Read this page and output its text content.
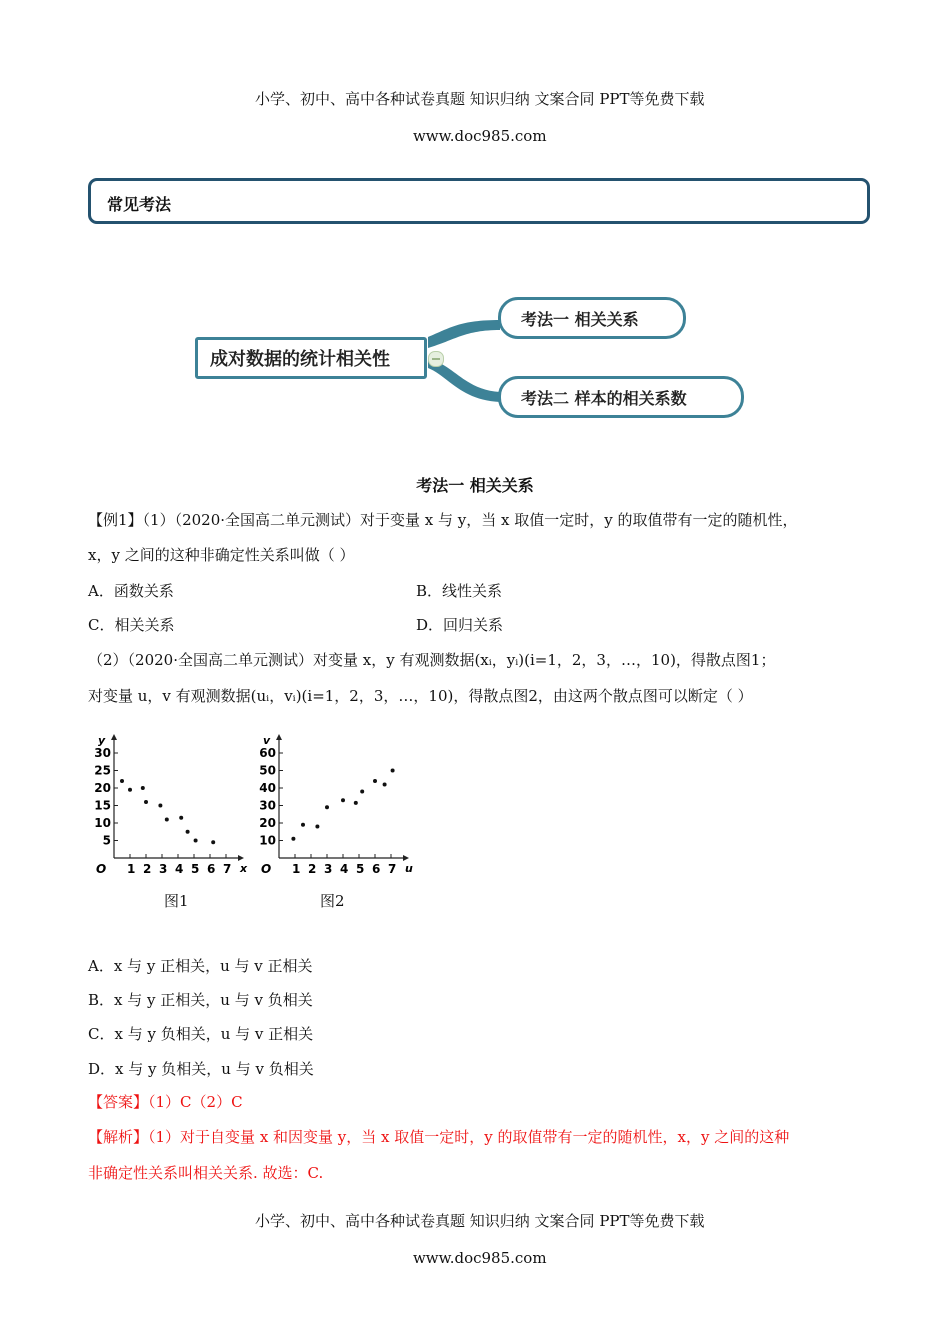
小学、初中、高中各种试卷真题 知识归纳 文案合同 PPT等免费下载

www.doc985.com

常见考法
成对数据的统计相关性
考法一 相关关系
考法二 样本的相关系数
考法一 相关关系
【例1】（1）（2020·全国高二单元测试）对于变量 x 与 y，当 x 取值一定时，y 的取值带有一定的随机性，
x，y 之间的这种非确定性关系叫做（ ）
A．函数关系	B．线性关系
C．相关关系	D．回归关系
（2）（2020·全国高二单元测试）对变量 x，y 有观测数据(xᵢ，yᵢ)(i=1，2，3，…，10)，得散点图1；
对变量 u，v 有观测数据(uᵢ，vᵢ)(i=1，2，3，…，10)，得散点图2，由这两个散点图可以断定（ ）
x
y
O 1 2 3 4 5 6 7
5
10
15
20
25
30
u
v
O 1 2 3 4 5 6 7
10
20
30
40
50
60
图1	图2
A．x 与 y 正相关，u 与 v 正相关
B．x 与 y 正相关，u 与 v 负相关
C．x 与 y 负相关，u 与 v 正相关
D．x 与 y 负相关，u 与 v 负相关
【答案】（1）C（2）C
【解析】（1）对于自变量 x 和因变量 y，当 x 取值一定时，y 的取值带有一定的随机性，x，y 之间的这种
非确定性关系叫相关关系. 故选：C.

小学、初中、高中各种试卷真题 知识归纳 文案合同 PPT等免费下载

www.doc985.com
